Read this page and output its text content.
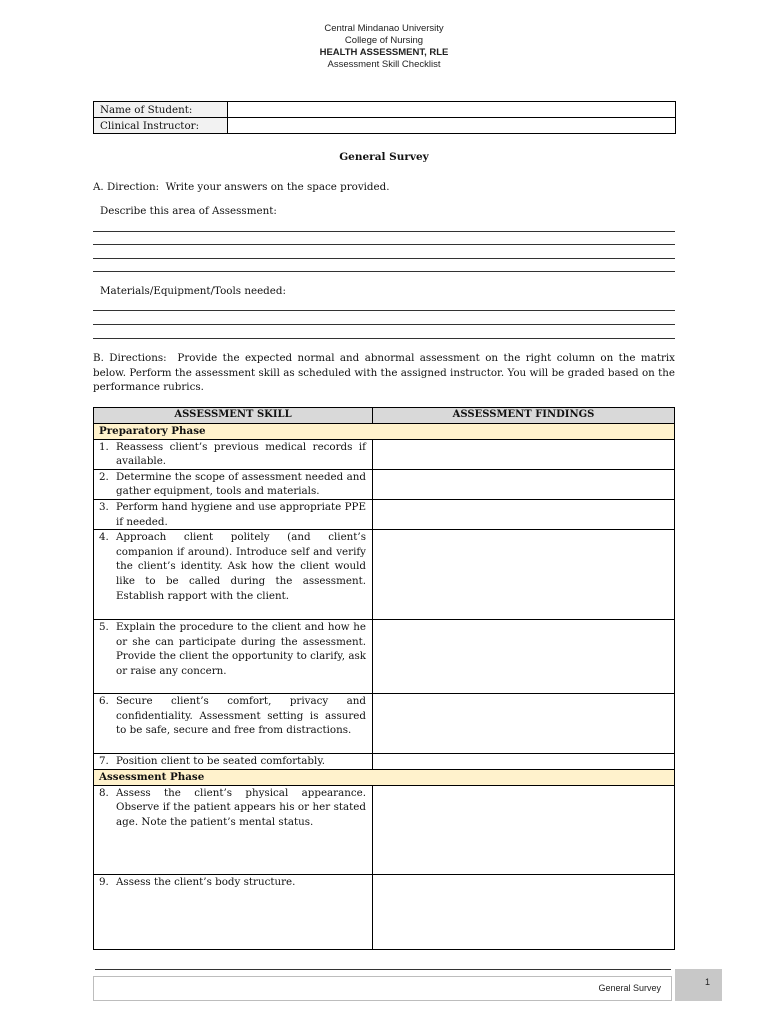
Central Mindanao University
College of Nursing
HEALTH ASSESSMENT, RLE
Assessment Skill Checklist
Name of Student:	
Clinical Instructor:	
General Survey
A. Direction:  Write your answers on the space provided.
Describe this area of Assessment:
Materials/Equipment/Tools needed:
B. Directions:  Provide the expected normal and abnormal assessment on the right column on the matrix below. Perform the assessment skill as scheduled with the assigned instructor. You will be graded based on the performance rubrics.
ASSESSMENT SKILL	ASSESSMENT FINDINGS
Preparatory Phase	

1. Reassess client’s previous medical records if available.	

2. Determine the scope of assessment needed and gather equipment, tools and materials.	

3. Perform hand hygiene and use appropriate PPE if needed.	

4. Approach client politely (and client’s companion if around). Introduce self and verify the client’s identity. Ask how the client would like to be called during the assessment. Establish rapport with the client.	

5. Explain the procedure to the client and how he or she can participate during the assessment. Provide the client the opportunity to clarify, ask or raise any concern.	

6. Secure client’s comfort, privacy and confidentiality. Assessment setting is assured to be safe, secure and free from distractions.	

7. Position client to be seated comfortably.	

Assessment Phase	

8. Assess the client’s physical appearance. Observe if the patient appears his or her stated age. Note the patient’s mental status.	

9. Assess the client’s body structure.	

General Survey
1
